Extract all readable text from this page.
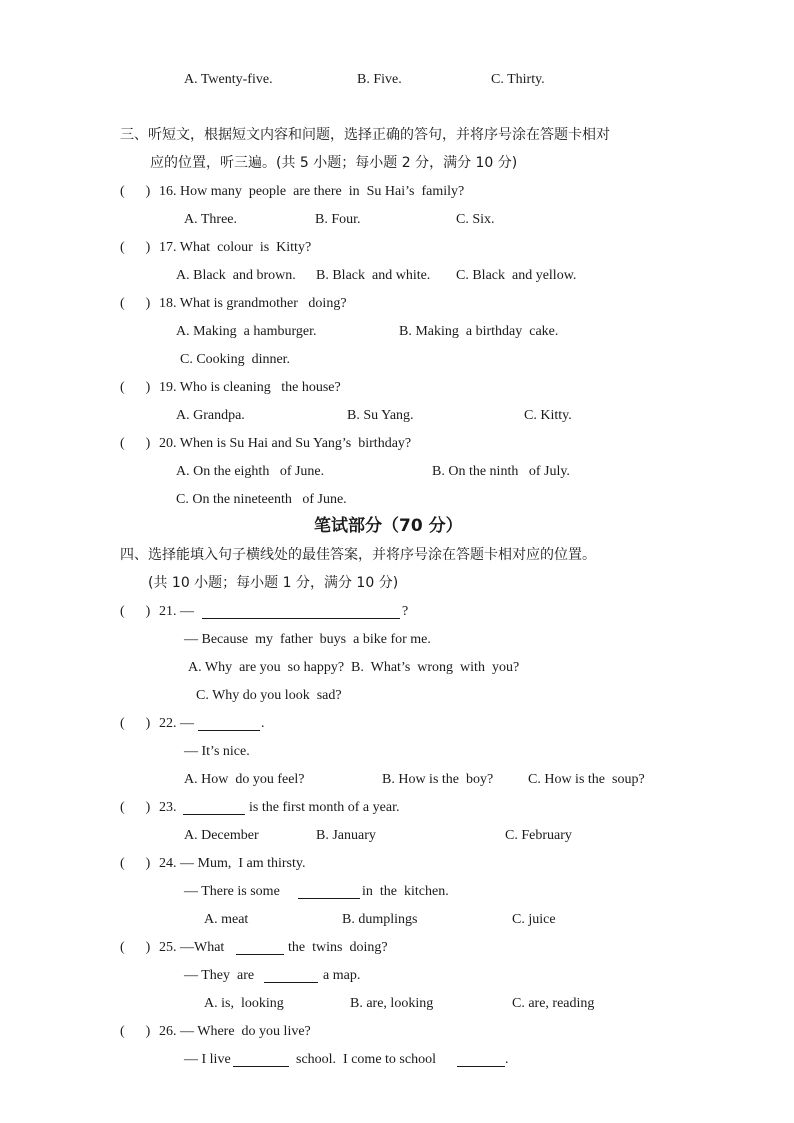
A. Twenty-five.	B. Five.	C. Thirty.
三、听短文，根据短文内容和问题，选择正确的答句，并将序号涂在答题卡相对
应的位置，听三遍。(共 5 小题；每小题 2 分，满分 10 分)
(      ) 16. How many  people  are there  in  Su Hai’s  family?
A. Three.	B. Four.	C. Six.
(      ) 17. What  colour  is  Kitty?
A. Black  and brown. B. Black  and white. C. Black  and yellow.
(      ) 18. What is grandmother   doing?
A. Making  a hamburger.	B. Making  a birthday  cake.
C. Cooking  dinner.
(      ) 19. Who is cleaning   the house?
A. Grandpa.	B. Su Yang.	C. Kitty.
(      ) 20. When is Su Hai and Su Yang’s  birthday?
A. On the eighth   of June.	B. On the ninth   of July.
C. On the nineteenth   of June.
笔试部分（70 分）
四、选择能填入句子横线处的最佳答案，并将序号涂在答题卡相对应的位置。
(共 10 小题；每小题 1 分，满分 10 分)
(      ) 21. —	?
— Because  my  father  buys  a bike for me.
A. Why  are you  so happy?  B.  What’s  wrong  with  you?
C. Why do you look  sad?
(      ) 22. —	.
— It’s nice.
A. How  do you feel?	B. How is the  boy? C. How is the  soup?
(      ) 23.	is the first month of a year.
A. December	B. January	C. February
(      ) 24. — Mum,  I am thirsty.
— There is some	in  the  kitchen.
A. meat	B. dumplings	C. juice
(      ) 25. —What	the  twins  doing?
— They  are	a map.
A. is,  looking	B. are, looking	C. are, reading
(      ) 26. — Where  do you live?
— I live	school.  I come to school	.
